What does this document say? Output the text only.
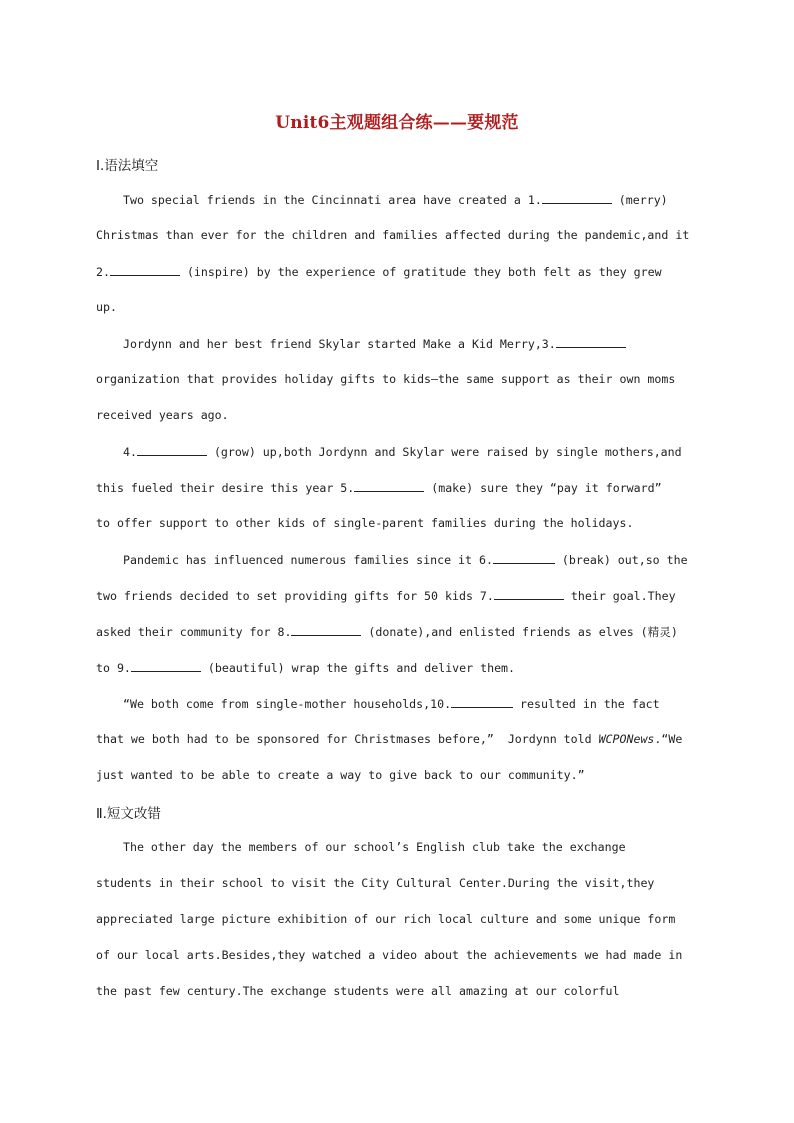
Unit6主观题组合练——要规范
Ⅰ.语法填空
Two special friends in the Cincinnati area have created a 1.	(merry)
Christmas than ever for the children and families affected during the pandemic,and it
2.	(inspire) by the experience of gratitude they both felt as they grew
up.
Jordynn and her best friend Skylar started Make a Kid Merry,3.
organization that provides holiday gifts to kids—the same support as their own moms
received years ago.
4.	(grow) up,both Jordynn and Skylar were raised by single mothers,and
this fueled their desire this year 5.	(make) sure they “pay it forward”
to offer support to other kids of single-parent families during the holidays.
Pandemic has influenced numerous families since it 6.	(break) out,so the
two friends decided to set providing gifts for 50 kids 7.	their goal.They
asked their community for 8.	(donate),and enlisted friends as elves (精灵)
to 9.	(beautiful) wrap the gifts and deliver them.
“We both come from single-mother households,10.	resulted in the fact
that we both had to be sponsored for Christmases before,”  Jordynn told WCPONews.“We
just wanted to be able to create a way to give back to our community.”
Ⅱ.短文改错
The other day the members of our school’s English club take the exchange
students in their school to visit the City Cultural Center.During the visit,they
appreciated large picture exhibition of our rich local culture and some unique form
of our local arts.Besides,they watched a video about the achievements we had made in
the past few century.The exchange students were all amazing at our colorful
